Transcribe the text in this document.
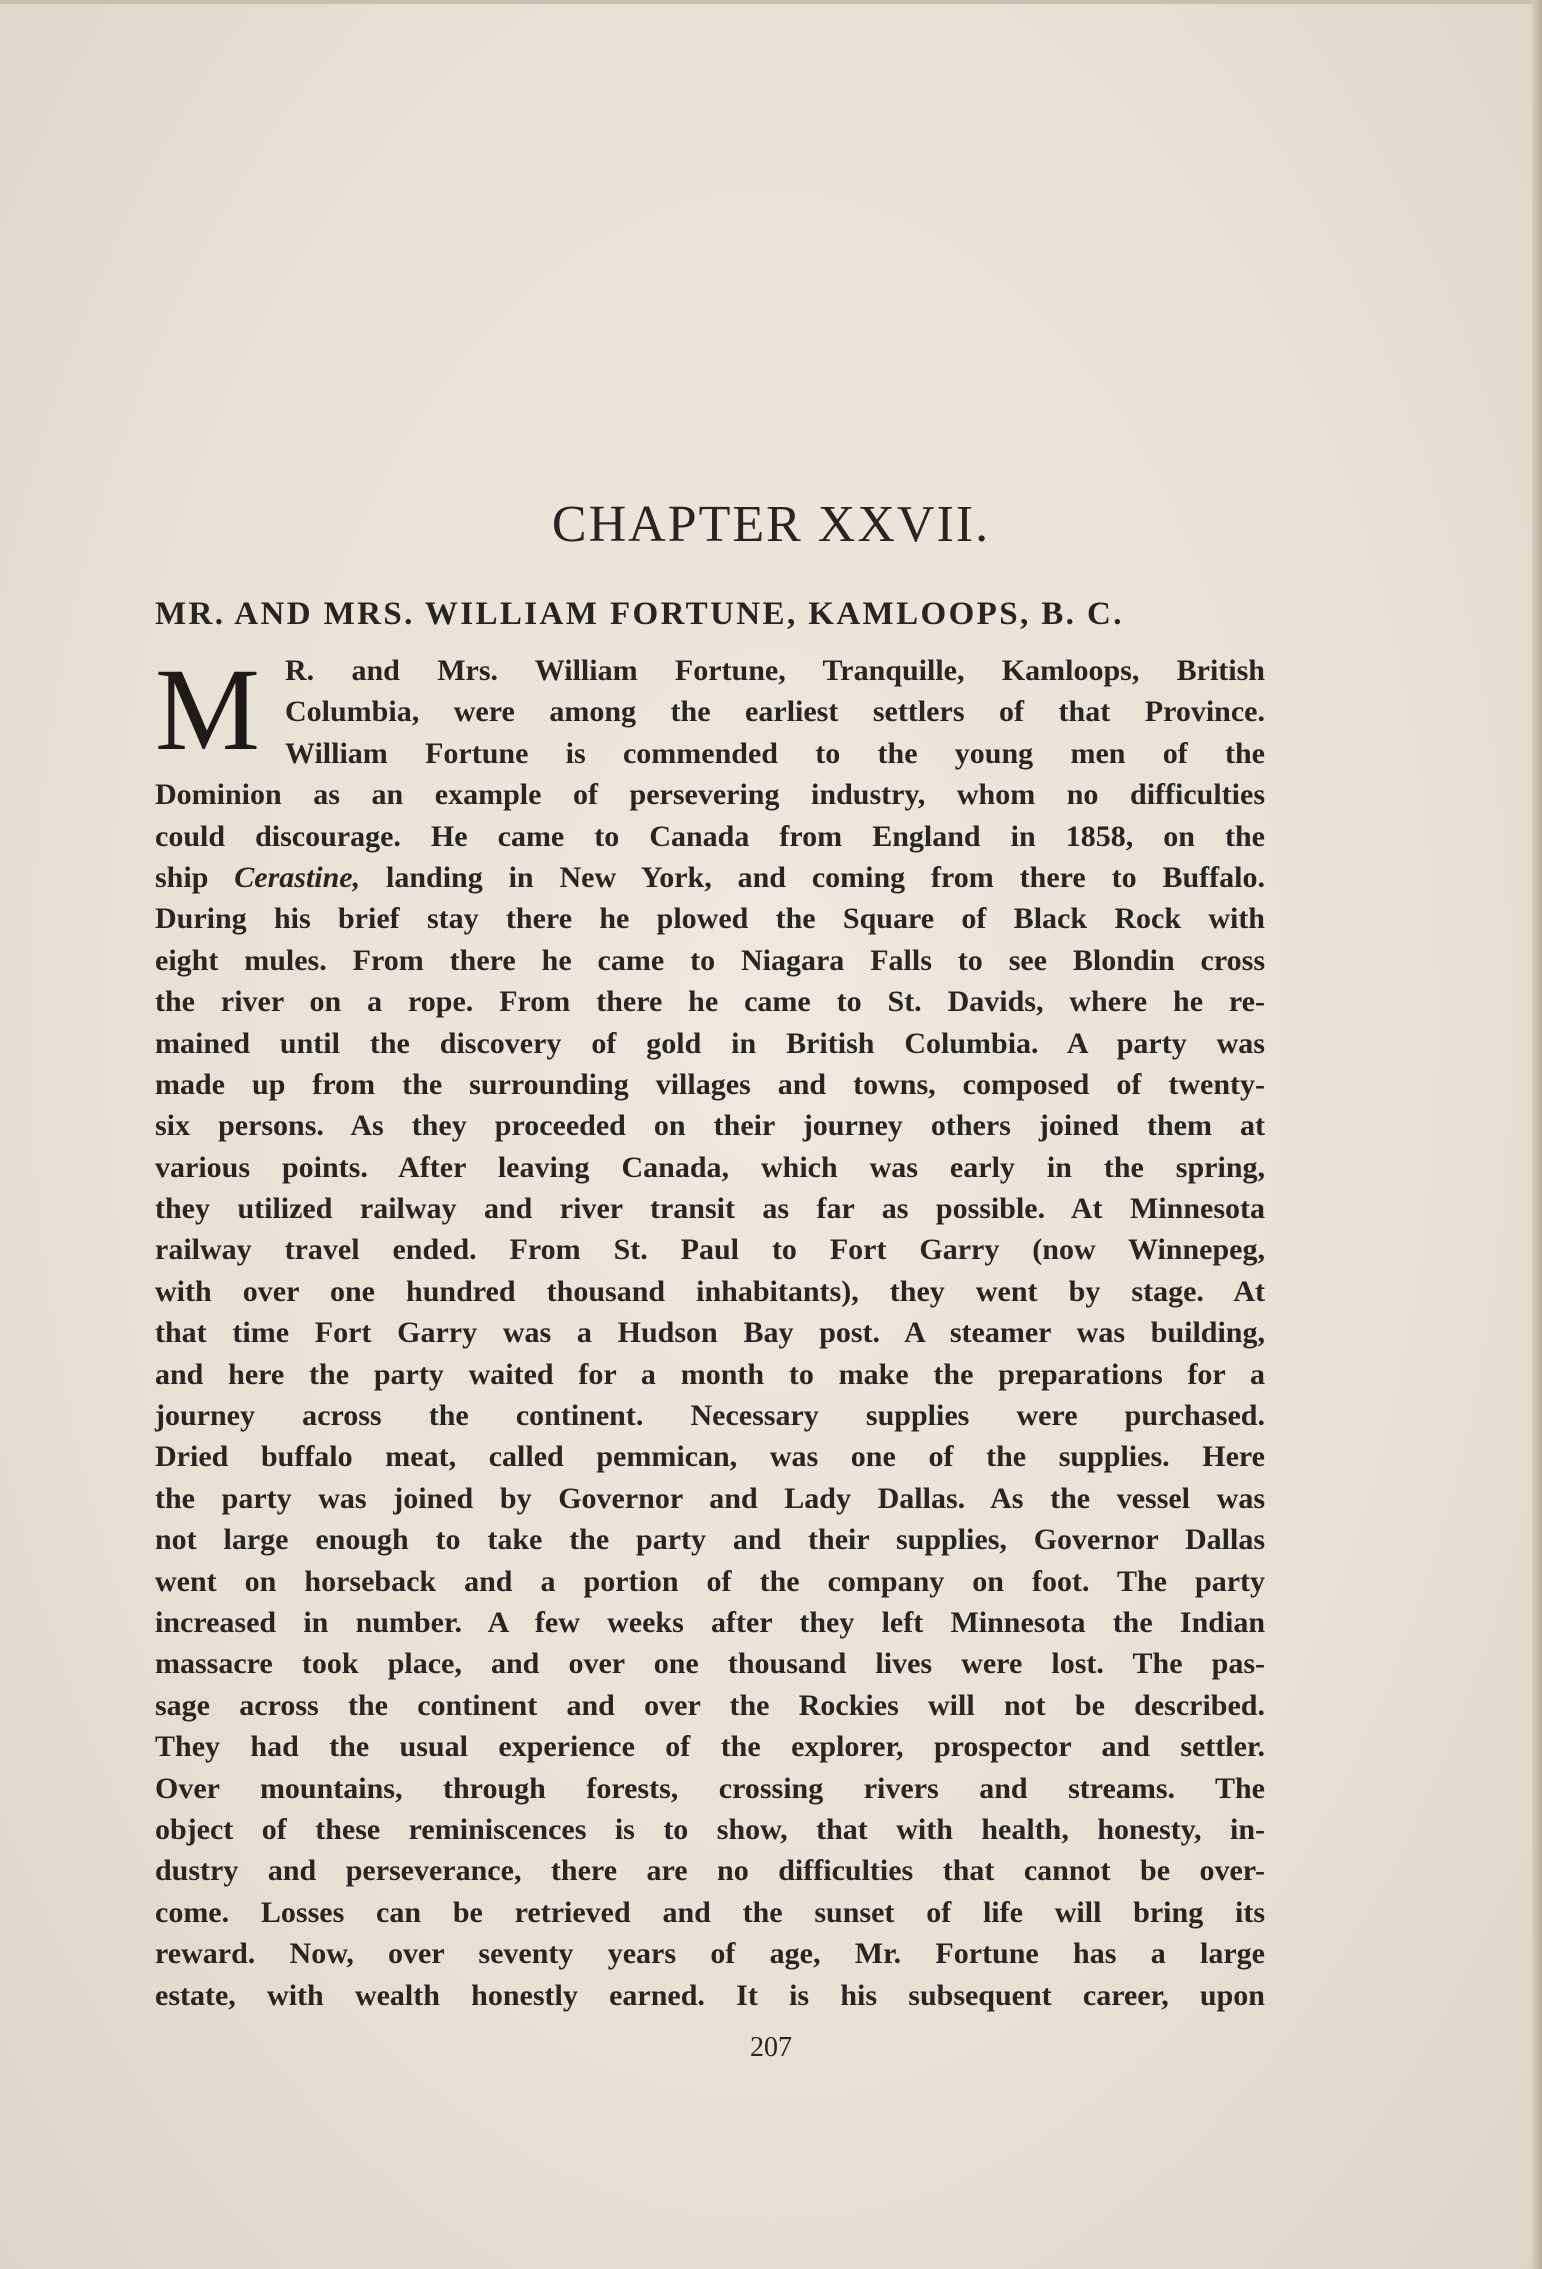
CHAPTER XXVII.
MR. AND MRS. WILLIAM FORTUNE, KAMLOOPS, B. C.
M R. and Mrs. William Fortune, Tranquille, Kamloops, British
Columbia, were among the earliest settlers of that Province.
William Fortune is commended to the young men of the
Dominion as an example of persevering industry, whom no difficulties
could discourage. He came to Canada from England in 1858, on the
ship Cerastine, landing in New York, and coming from there to Buffalo.
During his brief stay there he plowed the Square of Black Rock with
eight mules. From there he came to Niagara Falls to see Blondin cross
the river on a rope. From there he came to St. Davids, where he re-
mained until the discovery of gold in British Columbia. A party was
made up from the surrounding villages and towns, composed of twenty-
six persons. As they proceeded on their journey others joined them at
various points. After leaving Canada, which was early in the spring,
they utilized railway and river transit as far as possible. At Minnesota
railway travel ended. From St. Paul to Fort Garry (now Winnepeg,
with over one hundred thousand inhabitants), they went by stage. At
that time Fort Garry was a Hudson Bay post. A steamer was building,
and here the party waited for a month to make the preparations for a
journey across the continent. Necessary supplies were purchased.
Dried buffalo meat, called pemmican, was one of the supplies. Here
the party was joined by Governor and Lady Dallas. As the vessel was
not large enough to take the party and their supplies, Governor Dallas
went on horseback and a portion of the company on foot. The party
increased in number. A few weeks after they left Minnesota the Indian
massacre took place, and over one thousand lives were lost. The pas-
sage across the continent and over the Rockies will not be described.
They had the usual experience of the explorer, prospector and settler.
Over mountains, through forests, crossing rivers and streams. The
object of these reminiscences is to show, that with health, honesty, in-
dustry and perseverance, there are no difficulties that cannot be over-
come. Losses can be retrieved and the sunset of life will bring its
reward. Now, over seventy years of age, Mr. Fortune has a large
estate, with wealth honestly earned. It is his subsequent career, upon
207
